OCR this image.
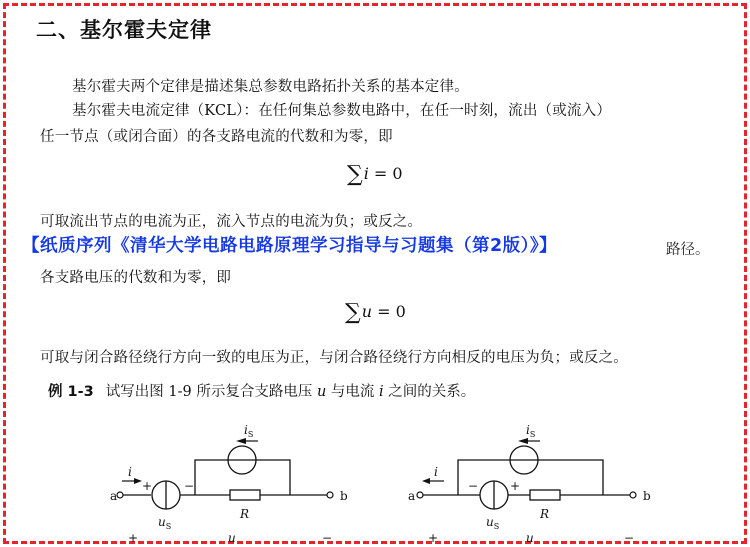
二、基尔霍夫定律
基尔霍夫两个定律是描述集总参数电路拓扑关系的基本定律。
基尔霍夫电流定律（KCL）：在任何集总参数电路中，在任一时刻，流出（或流入）
任一节点（或闭合面）的各支路电流的代数和为零，即
∑i = 0
可取流出节点的电流为正，流入节点的电流为负；或反之。
路径。
【纸质序列《清华大学电路电路原理学习指导与习题集（第2版）》】
各支路电压的代数和为零，即
∑u = 0
可取与闭合路径绕行方向一致的电压为正，与闭合路径绕行方向相反的电压为负；或反之。
例 1-3 试写出图 1-9 所示复合支路电压 u 与电流 i 之间的关系。
a	b
i
$i_S$
$u_S$
R
+	−
+	u	−
a	b
i
$i_S$
$u_S$
R
+
−
+	u	−
